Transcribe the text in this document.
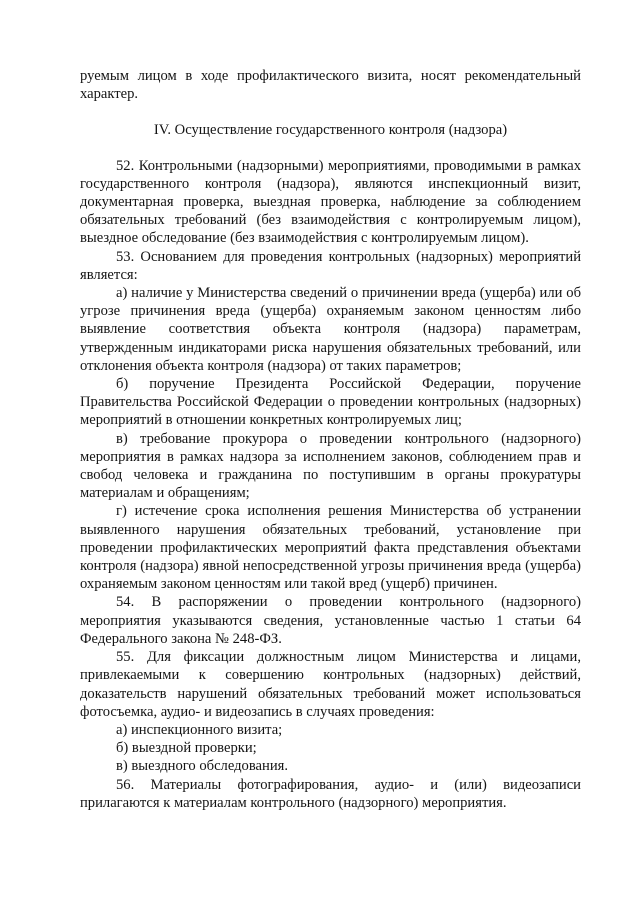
руемым лицом в ходе профилактического визита, носят рекомендательный характер.

IV. Осуществление государственного контроля (надзора)

52. Контрольными (надзорными) мероприятиями, проводимыми в рамках государственного контроля (надзора), являются инспекционный визит, документарная проверка, выездная проверка, наблюдение за соблюдением обязательных требований (без взаимодействия с контролируемым лицом), выездное обследование (без взаимодействия с контролируемым лицом).

53. Основанием для проведения контрольных (надзорных) мероприятий является:

а) наличие у Министерства сведений о причинении вреда (ущерба) или об угрозе причинения вреда (ущерба) охраняемым законом ценностям либо выявление соответствия объекта контроля (надзора) параметрам, утвержденным индикаторами риска нарушения обязательных требований, или отклонения объекта контроля (надзора) от таких параметров;

б) поручение Президента Российской Федерации, поручение Правительства Российской Федерации о проведении контрольных (надзорных) мероприятий в отношении конкретных контролируемых лиц;

в) требование прокурора о проведении контрольного (надзорного) мероприятия в рамках надзора за исполнением законов, соблюдением прав и свобод человека и гражданина по поступившим в органы прокуратуры материалам и обращениям;

г) истечение срока исполнения решения Министерства об устранении выявленного нарушения обязательных требований, установление при проведении профилактических мероприятий факта представления объектами контроля (надзора) явной непосредственной угрозы причинения вреда (ущерба) охраняемым законом ценностям или такой вред (ущерб) причинен.

54. В распоряжении о проведении контрольного (надзорного) мероприятия указываются сведения, установленные частью 1 статьи 64 Федерального закона № 248-ФЗ.

55. Для фиксации должностным лицом Министерства и лицами, привлекаемыми к совершению контрольных (надзорных) действий, доказательств нарушений обязательных требований может использоваться фотосъемка, аудио- и видеозапись в случаях проведения:

а) инспекционного визита;

б) выездной проверки;

в) выездного обследования.

56. Материалы фотографирования, аудио- и (или) видеозаписи прилагаются к материалам контрольного (надзорного) мероприятия.
